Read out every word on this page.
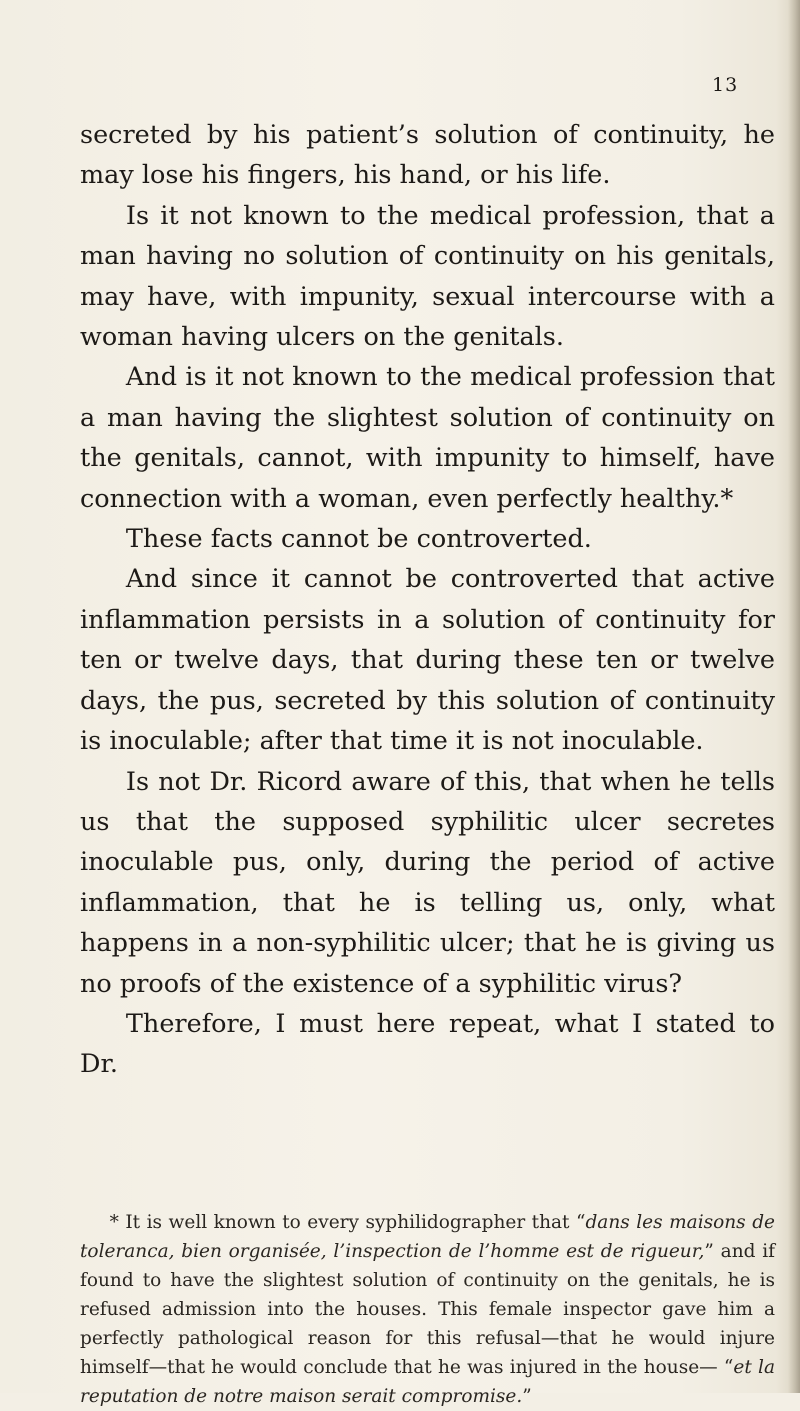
13

secreted by his patient’s solution of continuity, he may lose his fingers, his hand, or his life.

Is it not known to the medical profession, that a man having no solution of continuity on his genitals, may have, with impunity, sexual intercourse with a woman having ulcers on the genitals.

And is it not known to the medical profession that a man having the slightest solution of continuity on the genitals, cannot, with impunity to himself, have connection with a woman, even perfectly healthy.*

These facts cannot be controverted.

And since it cannot be controverted that active inflammation persists in a solution of continuity for ten or twelve days, that during these ten or twelve days, the pus, secreted by this solution of continuity is inoculable; after that time it is not inoculable.

Is not Dr. Ricord aware of this, that when he tells us that the supposed syphilitic ulcer secretes inoculable pus, only, during the period of active inflammation, that he is telling us, only, what happens in a non-syphilitic ulcer; that he is giving us no proofs of the existence of a syphilitic virus?

Therefore, I must here repeat, what I stated to Dr.

* It is well known to every syphilidographer that “dans les maisons de toleranca, bien organisée, l’inspection de l’homme est de rigueur,” and if found to have the slightest solution of continuity on the genitals, he is refused admission into the houses. This female inspector gave him a perfectly pathological reason for this refusal—that he would injure himself—that he would conclude that he was injured in the house— “et la reputation de notre maison serait compromise.”
